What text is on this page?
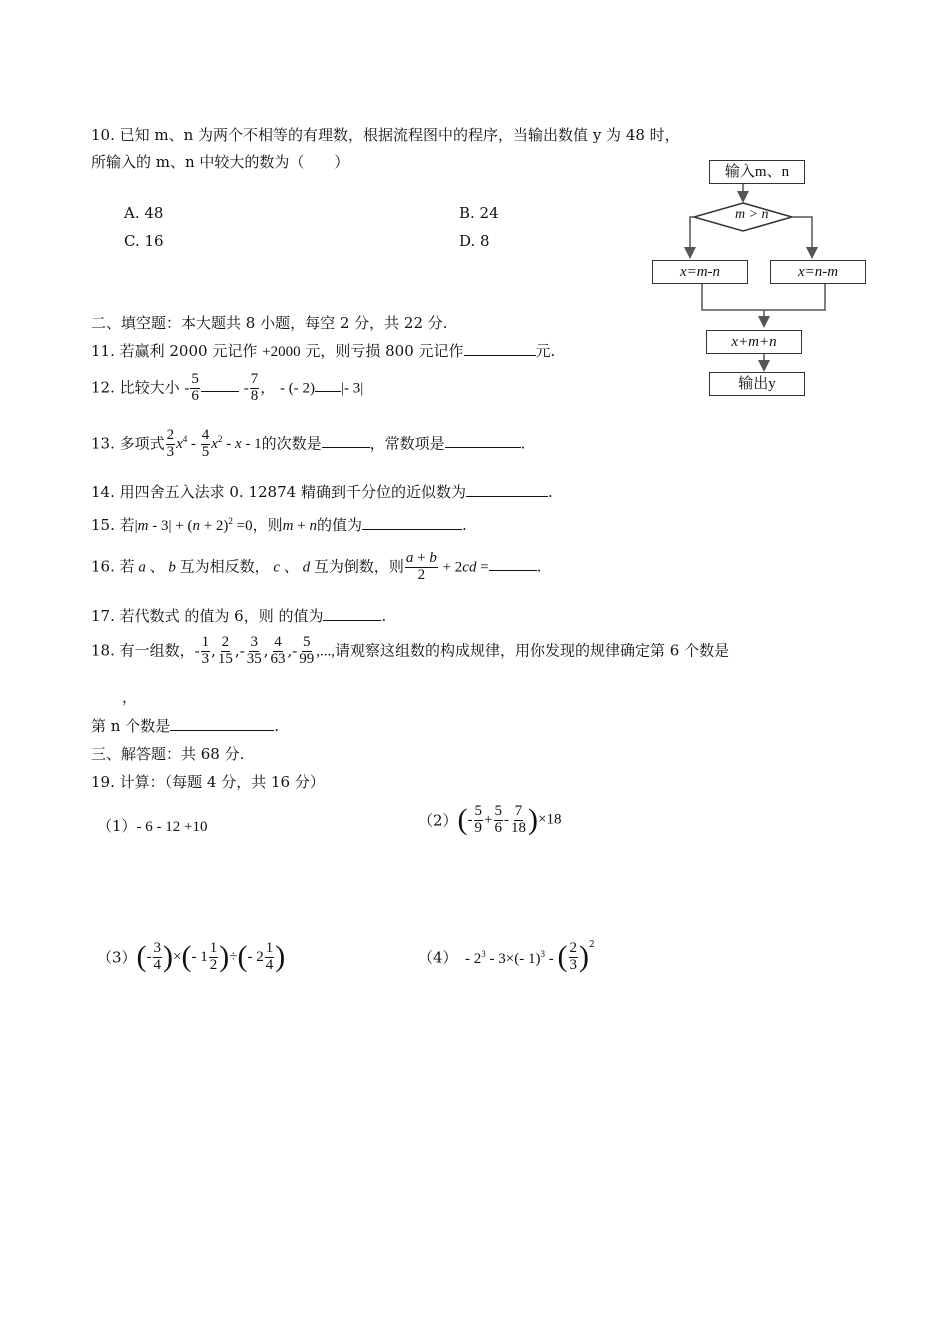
10. 已知 m、n 为两个不相等的有理数，根据流程图中的程序，当输出数值 y 为 48 时，
所输入的 m、n 中较大的数为（　　）
A. 48	B. 24
C. 16	D. 8
输入m、n
m > n
x=m-n	x=n-m
x+m+n
输出y
二、填空题：本大题共 8 小题，每空 2 分，共 22 分.
11. 若赢利 2000 元记作 +2000 元，则亏损 800 元记作	元.
12. 比较大小 - $\frac{5}{6}$	- $\frac{7}{8}$ ， - (- 2) |- 3|
13. 多项式 $\frac{2}{3} x^4 - \frac{4}{5} x^2$ - x - 1的次数是	，常数项是	.
14. 用四舍五入法求 0. 12874 精确到千分位的近似数为	.
15. 若$|m - 3| + (n + 2)^2 =0$，则m + n的值为	.
16. 若 a 、 b 互为相反数， c 、 d 互为倒数，则 $\frac{a + b}{2} + 2cd$ =	.
17. 若代数式 的值为 6，则 的值为	.
18. 有一组数，- $\frac{1}{3}$ , $\frac{2}{15}$ ,- $\frac{3}{35}$ , $\frac{4}{63}$ ,- $\frac{5}{99}$ ,...,请观察这组数的构成规律，用你发现的规律确定第 6 个数是
，
第 n 个数是	.
三、解答题：共 68 分.
19. 计算：（每题 4 分，共 16 分）
（1）- 6 - 12 +10	$(2)(- \frac{5}{9} + \frac{5}{6} - \frac{7}{18} )\times 18$
$(3)(- \frac{3}{4}$ )×(- $1 \frac{1}{2}$ )÷(- $2 \frac{1}{4}$ )	（4）　- $2^3 - 3\times(-$ 1)$^3$ - ( $\frac{2}{3} )^2$
